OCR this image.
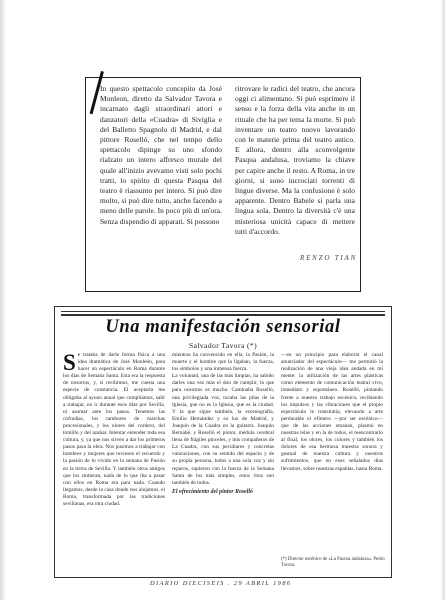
In questo spettacolo concepito da José Monleon, diretto da Salvador Tavora e incarnato dagli straordinari attori e danzatori della «Cuadra» di Siviglia e del Balletto Spagnolo di Madrid, e dal pittore Roselló, che nel tempo dello spettacolo dipinge su uno sfondo rialzato un intero affresco murale del quale all'inizio avevamo visti solo pochi tratti, lo spirito di questa Pasqua del teatro è riassunto per intero. Si può dire molto, si può dire tutto, anche facendo a meno delle parole. In poco più di un'ora. Senza dispendio di apparati. Si possono

ritrovare le radici del teatro, che ancora oggi ci alimentano. Si può esprimere il senso e la forza della vita anche in un rituale che ha per tema la morte. Si può inventare un teatro nuovo lavorando con le materie prima del teatro antico. E allora, dentro alla sconvolgente Pasqua andalusa, troviamo la chiave per capire anche il resto. A Roma, in tre giorni, si sono incrociati torrenti di lingue diverse. Ma la confusione è solo apparente. Dentro Babele si parla una lingua sola. Dentro la diversità c'è una misteriosa unicità capace di mettere tutti d'accordo.

RENZO TIAN
Una manifestación sensorial
Salvador Tavora (*)

Se trataba de darle forma física a una idea dramática de José Monleón, para hacer un espectáculo en Roma durante los días de Semana Santa. Esta era la respuesta de nosotros, y, si recibimos, me cuesta una especie de constancia. El aceptarla me obligaba al ayuno anual que cumplíamos, salir a trabajar, no ir durante esos días por Sevilla, ni asomar ante los pasos. Tenemos las cofradías, los tambores de marchas procesionales, y los olores del cordero, del tomillo y del azahar. Intentar entender toda esa cultura, y, ya que nos sirven a dar los primeros pasos para la obra. Nos pusimos a trabajar con hombres y mujeres que tuviesen el recuerdo y la pasión de lo vivido en la semana de Pasión en la tierra de Sevilla. Y también otros amigos que los sintieran, nada de lo que iba a pasar con ellos en Roma era para nada. Cuando llegamos, desde la casa donde nos alojamos, el Roma, transformada por las tradiciones sevillanas, era otra ciudad.

mientras ha convencido en ella, la Pasión, la muerte y el hombre que la ligaban, la fuerza, los símbolos y una inmensa fuerza.

La voluntad, una de las más limpias, ha sabido darles una vez más el don de cumplir, lo que para nosotros es mucho. Caminaba Roselló, una privilegiada voz, tocaba las pilas de la Iglesia, que no es la Iglesia, que es la ciudad. Y la que sigue también, la escenografía, Emilio Hernández y su luz de Madrid, y Joaquín de la Cuadra en la guitarra. Joaquín Bernabé, y Roselló el pintor, médula cerebral llena de frágiles pinceles, y mis compañeros de La Cuadra, con sus peculiares y concretas valoraciones, con su sentido del espacio y de su propia persona, todos a una sola voz y sin reparos, supieron con la fuerza de la Semana Santa de los más simples, estos ritos son también de todos.

El ofrecimiento del pintor Roselló

—en un principio para elaborar el canal anunciador del espectáculo— me permitió la realización de una vieja idea andada en mí mente: la utilización de las artes plásticas como elemento de comunicación teatral vivo, inmediato y espontáneo. Roselló, pintando frente a nuestro trabajo escénico, recibiendo los impulsos y las vibraciones que el propio espectáculo le transmitía, elevando a arte perdurable el efímero —por ser escénico— que de las acciones emanan, plasmó en nuestras telas y en la de todos, el reencontrarlo al final, los olores, los colores y también los dolores de esa hermosa muestra sonora y gestual de nuestra cultura y nuestros sufrimientos, que en esos señalados días llevamos, sobre nuestras espaldas, hasta Roma.

(*) Director escénico de «La Pascua andaluza». Pedro Tavora.
DIARIO DIECISEIS . 29 ABRIL 1986
